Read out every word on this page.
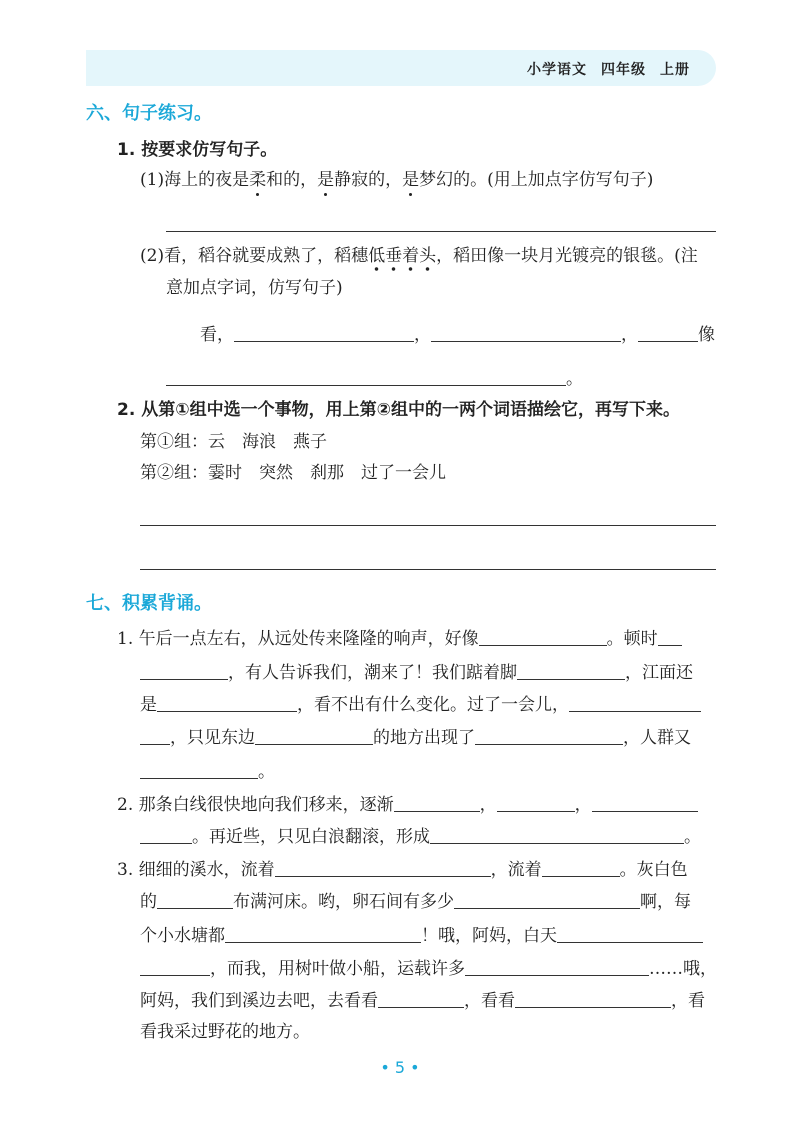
小学语文 四年级 上册
六、句子练习。
1. 按要求仿写句子。
(1)海上的夜是柔和的，是静寂的，是梦幻的。(用上加点字仿写句子)
(2)看，稻谷就要成熟了，稻穗低垂着头，稻田像一块月光镀亮的银毯。(注
意加点字词，仿写句子)
看，	，	，	像
。
2. 从第①组中选一个事物，用上第②组中的一两个词语描绘它，再写下来。
第①组：云　海浪　燕子
第②组：霎时　突然　刹那　过了一会儿
七、积累背诵。
1. 午后一点左右，从远处传来隆隆的响声，好像	。顿时
，有人告诉我们，潮来了！我们踮着脚	，江面还
是	，看不出有什么变化。过了一会儿，
，只见东边	的地方出现了	，人群又
。
2. 那条白线很快地向我们移来，逐渐	，	，
。再近些，只见白浪翻滚，形成	。
3. 细细的溪水，流着	，流着	。灰白色
的	布满河床。哟，卵石间有多少	啊，每
个小水塘都	！哦，阿妈，白天
，而我，用树叶做小船，运载许多	……哦，
阿妈，我们到溪边去吧，去看看	，看看	，看
看我采过野花的地方。
• 5 •
